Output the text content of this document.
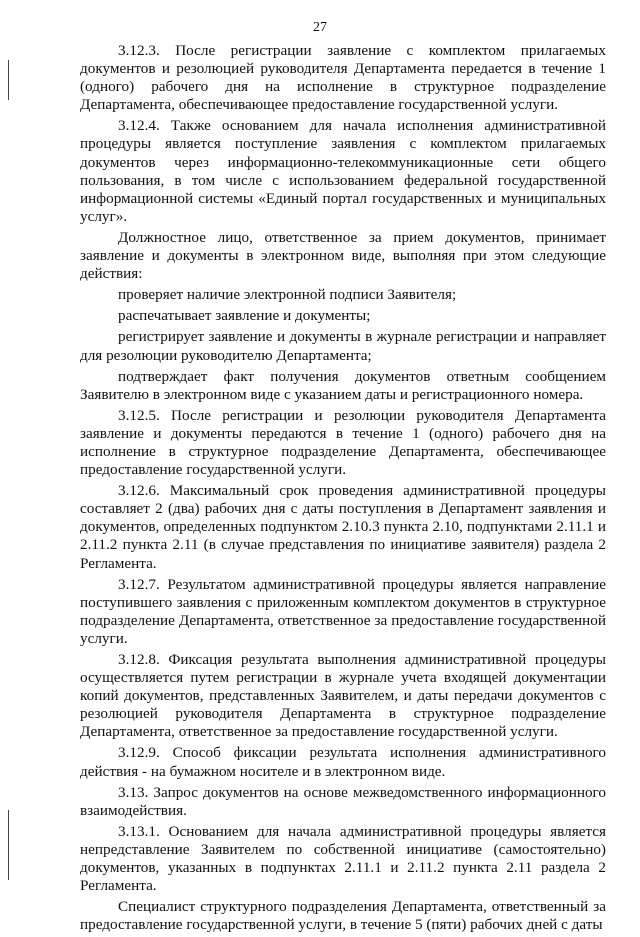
27

3.12.3. После регистрации заявление с комплектом прилагаемых документов и резолюцией руководителя Департамента передается в течение 1 (одного) рабочего дня на исполнение в структурное подразделение Департамента, обеспечивающее предоставление государственной услуги.

3.12.4. Также основанием для начала исполнения административной процедуры является поступление заявления с комплектом прилагаемых документов через информационно-телекоммуникационные сети общего пользования, в том числе с использованием федеральной государственной информационной системы «Единый портал государственных и муниципальных услуг».

Должностное лицо, ответственное за прием документов, принимает заявление и документы в электронном виде, выполняя при этом следующие действия:

проверяет наличие электронной подписи Заявителя;

распечатывает заявление и документы;

регистрирует заявление и документы в журнале регистрации и направляет для резолюции руководителю Департамента;

подтверждает факт получения документов ответным сообщением Заявителю в электронном виде с указанием даты и регистрационного номера.

3.12.5. После регистрации и резолюции руководителя Департамента заявление и документы передаются в течение 1 (одного) рабочего дня на исполнение в структурное подразделение Департамента, обеспечивающее предоставление государственной услуги.

3.12.6. Максимальный срок проведения административной процедуры составляет 2 (два) рабочих дня с даты поступления в Департамент заявления и документов, определенных подпунктом 2.10.3 пункта 2.10, подпунктами 2.11.1 и 2.11.2 пункта 2.11 (в случае представления по инициативе заявителя) раздела 2 Регламента.

3.12.7. Результатом административной процедуры является направление поступившего заявления с приложенным комплектом документов в структурное подразделение Департамента, ответственное за предоставление государственной услуги.

3.12.8. Фиксация результата выполнения административной процедуры осуществляется путем регистрации в журнале учета входящей документации копий документов, представленных Заявителем, и даты передачи документов с резолюцией руководителя Департамента в структурное подразделение Департамента, ответственное за предоставление государственной услуги.

3.12.9. Способ фиксации результата исполнения административного действия - на бумажном носителе и в электронном виде.

3.13. Запрос документов на основе межведомственного информационного взаимодействия.

3.13.1. Основанием для начала административной процедуры является непредставление Заявителем по собственной инициативе (самостоятельно) документов, указанных в подпунктах 2.11.1 и 2.11.2 пункта 2.11 раздела 2 Регламента.

Специалист структурного подразделения Департамента, ответственный за предоставление государственной услуги, в течение 5 (пяти) рабочих дней с даты
